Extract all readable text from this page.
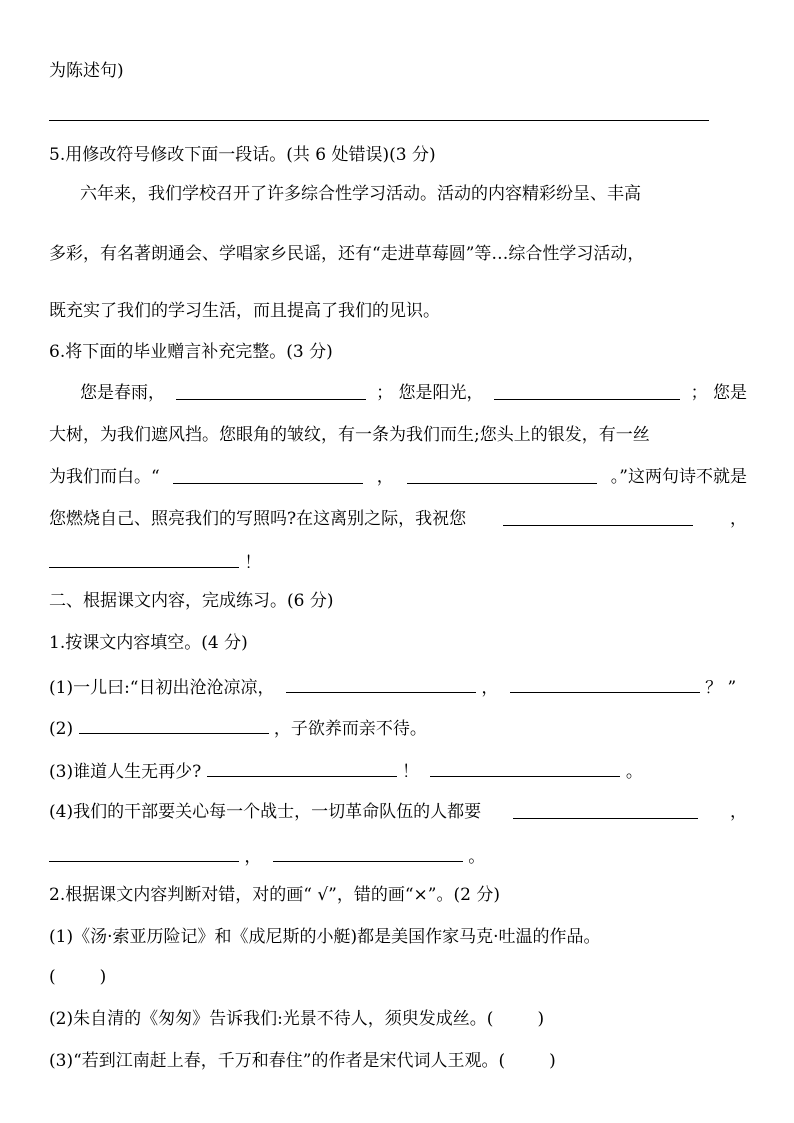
为陈述句)
5.用修改符号修改下面一段话。(共 6 处错误)(3 分)
六年来，我们学校召开了许多综合性学习活动。活动的内容精彩纷呈、丰高
多彩，有名著朗通会、学唱家乡民谣，还有“走进草莓圆”等…综合性学习活动，
既充实了我们的学习生活，而且提高了我们的见识。
6.将下面的毕业赠言补充完整。(3 分)
您是春雨，	； 您是阳光，	； 您是
大树，为我们遮风挡。您眼角的皱纹，有一条为我们而生;您头上的银发，有一丝
为我们而白。“	，	。”这两句诗不就是
您燃烧自己、照亮我们的写照吗?在这离别之际，我祝您	，
！
二、根据课文内容，完成练习。(6 分)
1.按课文内容填空。(4 分)
(1)一儿曰:“日初出沧沧凉凉，	，	？ ”
(2)	，子欲养而亲不待。
(3)谁道人生无再少?	！	。
(4)我们的干部要关心每一个战士，一切革命队伍的人都要	，
，	。
2.根据课文内容判断对错，对的画“ √”，错的画“×”。(2 分)
(1)《汤·索亚历险记》和《成尼斯的小艇)都是美国作家马克·吐温的作品。
(	)
(2)朱自清的《匆匆》告诉我们:光景不待人，须臾发成丝。(	)
(3)“若到江南赶上春，千万和春住”的作者是宋代词人王观。(	)
